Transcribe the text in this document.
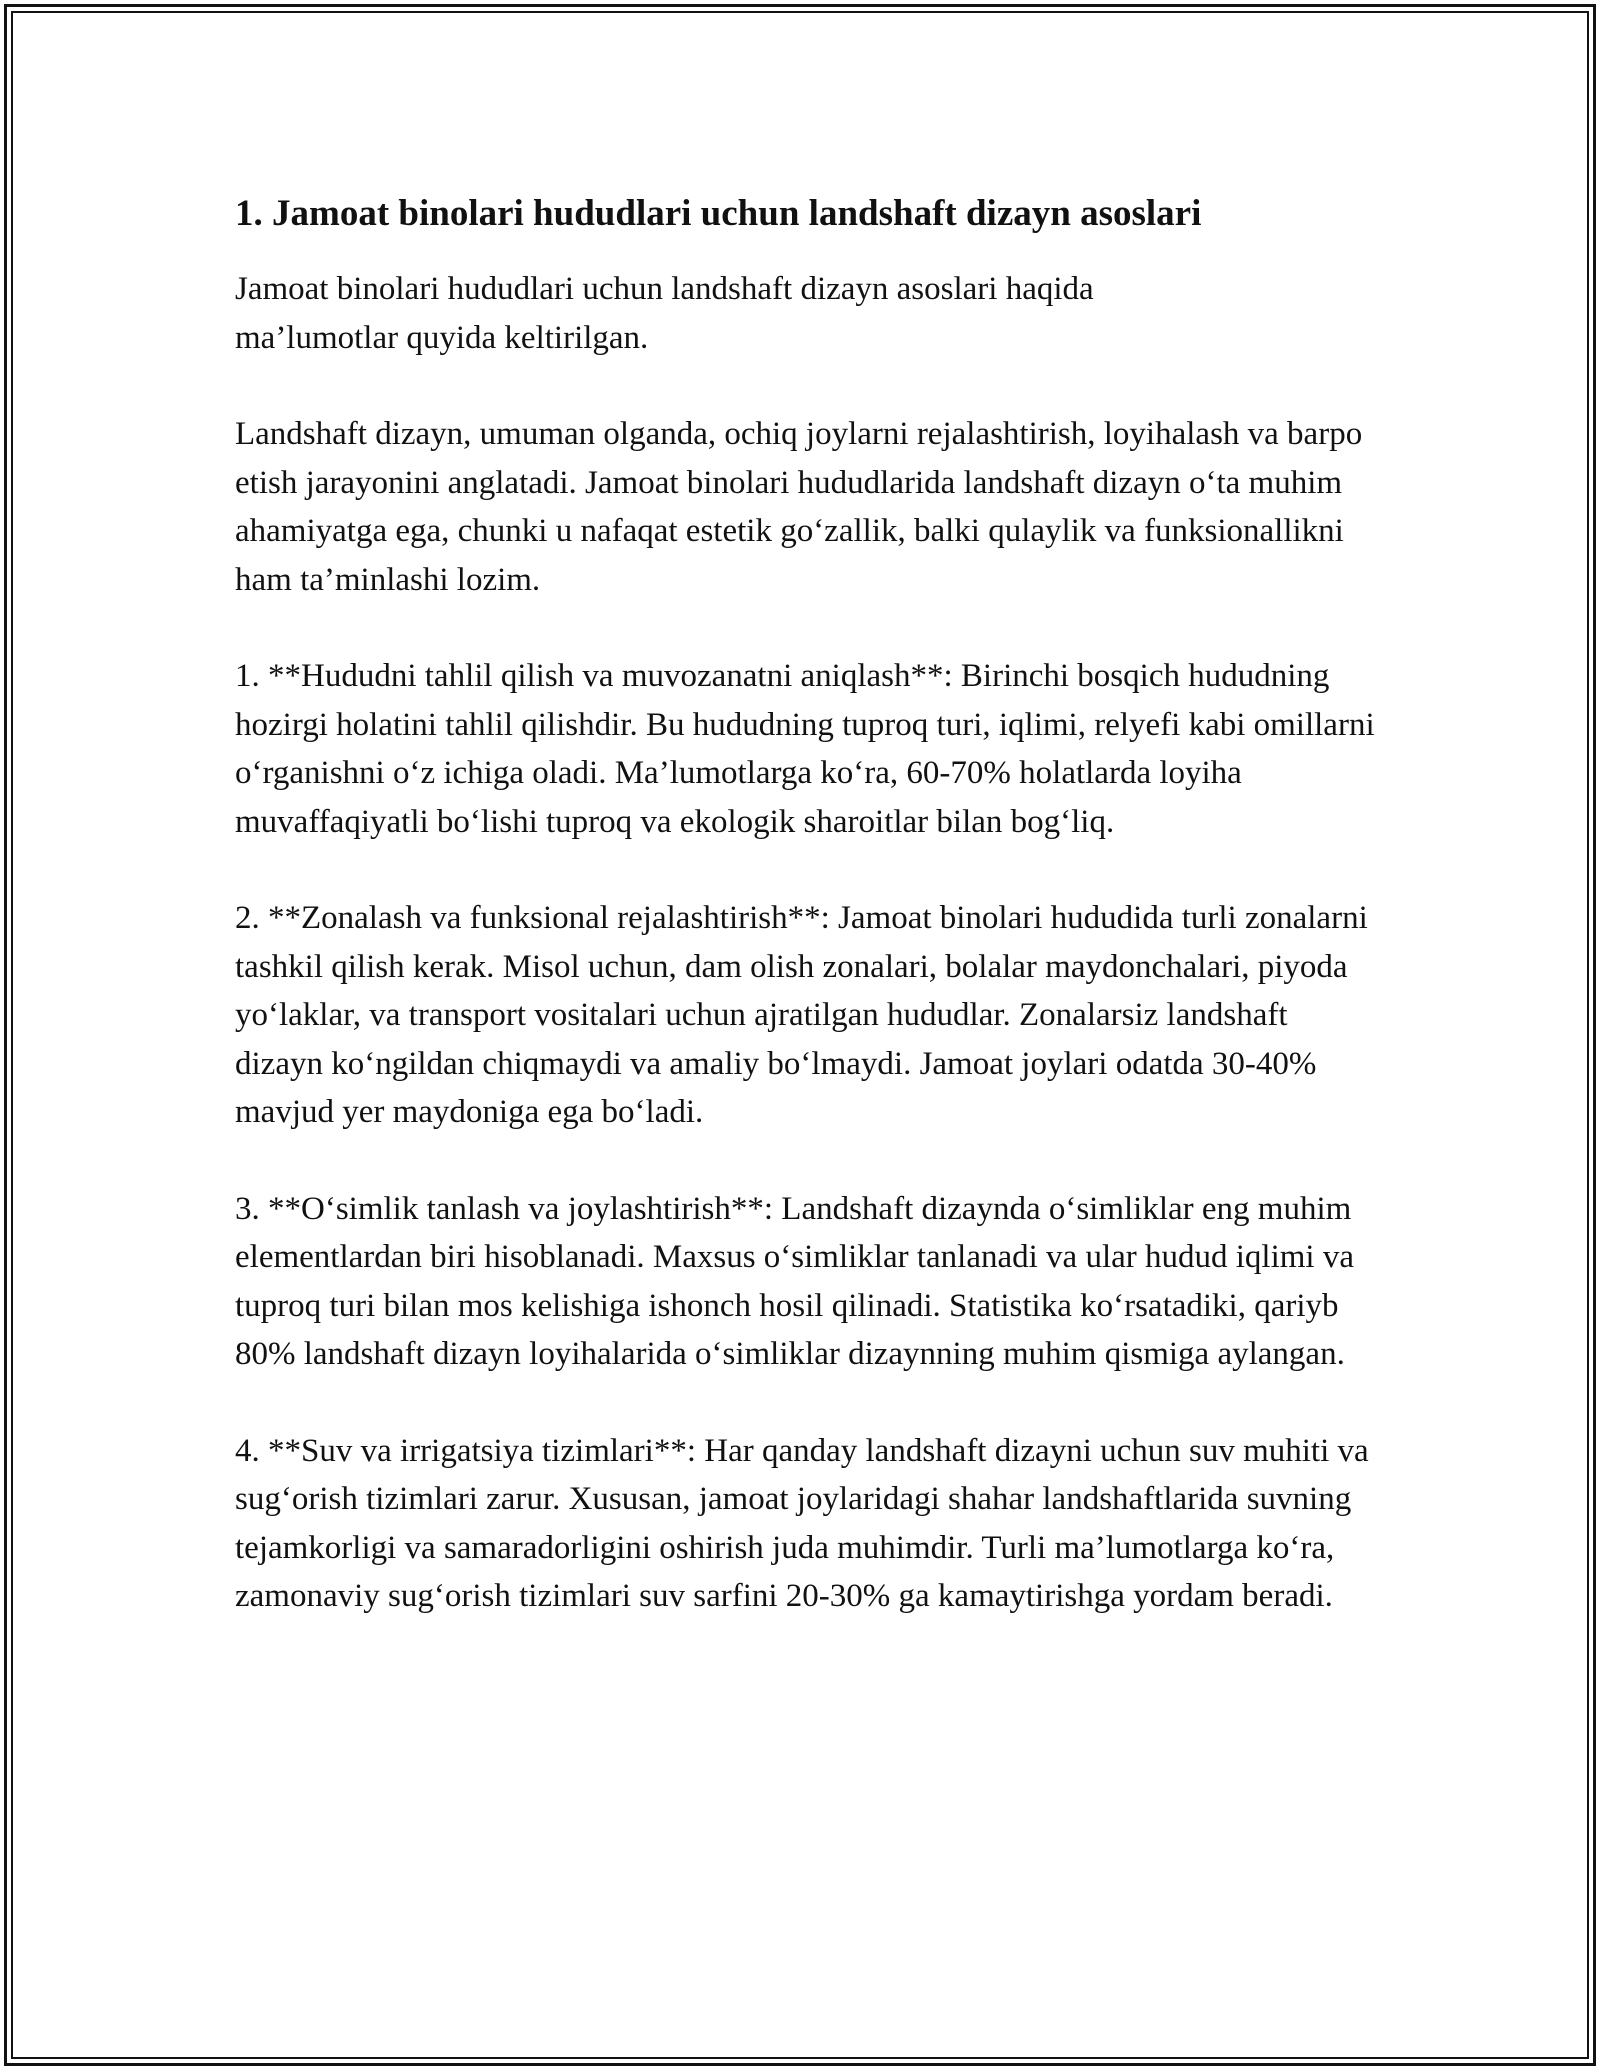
1. Jamoat binolari hududlari uchun landshaft dizayn asoslari

Jamoat binolari hududlari uchun landshaft dizayn asoslari haqida ma’lumotlar quyida keltirilgan.

Landshaft dizayn, umuman olganda, ochiq joylarni rejalashtirish, loyihalash va barpo etish jarayonini anglatadi. Jamoat binolari hududlarida landshaft dizayn o‘ta muhim ahamiyatga ega, chunki u nafaqat estetik go‘zallik, balki qulaylik va funksionallikni ham ta’minlashi lozim.

1. **Hududni tahlil qilish va muvozanatni aniqlash**: Birinchi bosqich hududning hozirgi holatini tahlil qilishdir. Bu hududning tuproq turi, iqlimi, relyefi kabi omillarni o‘rganishni o‘z ichiga oladi. Ma’lumotlarga ko‘ra, 60-70% holatlarda loyiha muvaffaqiyatli bo‘lishi tuproq va ekologik sharoitlar bilan bog‘liq.

2. **Zonalash va funksional rejalashtirish**: Jamoat binolari hududida turli zonalarni tashkil qilish kerak. Misol uchun, dam olish zonalari, bolalar maydonchalari, piyoda yo‘laklar, va transport vositalari uchun ajratilgan hududlar. Zonalarsiz landshaft dizayn ko‘ngildan chiqmaydi va amaliy bo‘lmaydi. Jamoat joylari odatda 30-40% mavjud yer maydoniga ega bo‘ladi.

3. **O‘simlik tanlash va joylashtirish**: Landshaft dizaynda o‘simliklar eng muhim elementlardan biri hisoblanadi. Maxsus o‘simliklar tanlanadi va ular hudud iqlimi va tuproq turi bilan mos kelishiga ishonch hosil qilinadi. Statistika ko‘rsatadiki, qariyb 80% landshaft dizayn loyihalarida o‘simliklar dizaynning muhim qismiga aylangan.

4. **Suv va irrigatsiya tizimlari**: Har qanday landshaft dizayni uchun suv muhiti va sug‘orish tizimlari zarur. Xususan, jamoat joylaridagi shahar landshaftlarida suvning tejamkorligi va samaradorligini oshirish juda muhimdir. Turli ma’lumotlarga ko‘ra, zamonaviy sug‘orish tizimlari suv sarfini 20-30% ga kamaytirishga yordam beradi.
